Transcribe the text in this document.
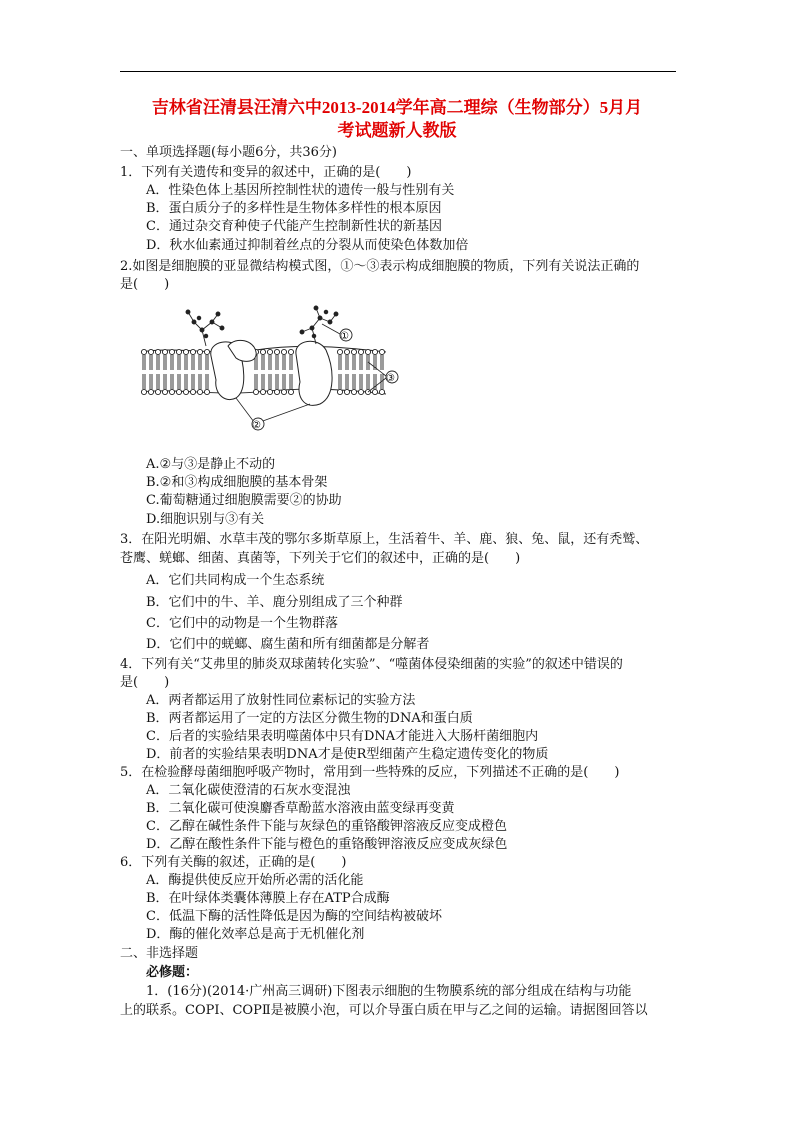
吉林省汪清县汪清六中2013-2014学年高二理综（生物部分）5月月
考试题新人教版
一、单项选择题(每小题6分，共36分)
1．下列有关遗传和变异的叙述中，正确的是(　　)
A．性染色体上基因所控制性状的遗传一般与性别有关
B．蛋白质分子的多样性是生物体多样性的根本原因
C．通过杂交育种使子代能产生控制新性状的新基因
D．秋水仙素通过抑制着丝点的分裂从而使染色体数加倍
2.如图是细胞膜的亚显微结构模式图，①～③表示构成细胞膜的物质，下列有关说法正确的
是(　　)
①
③
②
A.②与③是静止不动的
B.②和③构成细胞膜的基本骨架
C.葡萄糖通过细胞膜需要②的协助
D.细胞识别与③有关
3．在阳光明媚、水草丰茂的鄂尔多斯草原上，生活着牛、羊、鹿、狼、兔、鼠，还有秃鹫、
苍鹰、蜣螂、细菌、真菌等，下列关于它们的叙述中，正确的是(　　)
A．它们共同构成一个生态系统
B．它们中的牛、羊、鹿分别组成了三个种群
C．它们中的动物是一个生物群落
D．它们中的蜣螂、腐生菌和所有细菌都是分解者
4．下列有关“艾弗里的肺炎双球菌转化实验”、“噬菌体侵染细菌的实验”的叙述中错误的
是(　　)
A．两者都运用了放射性同位素标记的实验方法
B．两者都运用了一定的方法区分微生物的DNA和蛋白质
C．后者的实验结果表明噬菌体中只有DNA才能进入大肠杆菌细胞内
D．前者的实验结果表明DNA才是使R型细菌产生稳定遗传变化的物质
5．在检验酵母菌细胞呼吸产物时，常用到一些特殊的反应，下列描述不正确的是(　　)
A．二氧化碳使澄清的石灰水变混浊
B．二氧化碳可使溴麝香草酚蓝水溶液由蓝变绿再变黄
C．乙醇在碱性条件下能与灰绿色的重铬酸钾溶液反应变成橙色
D．乙醇在酸性条件下能与橙色的重铬酸钾溶液反应变成灰绿色
6．下列有关酶的叙述，正确的是(　　)
A．酶提供使反应开始所必需的活化能
B．在叶绿体类囊体薄膜上存在ATP合成酶
C．低温下酶的活性降低是因为酶的空间结构被破坏
D．酶的催化效率总是高于无机催化剂
二、非选择题
必修题：
1．(16分)(2014·广州高三调研)下图表示细胞的生物膜系统的部分组成在结构与功能
上的联系。COPⅠ、COPⅡ是被膜小泡，可以介导蛋白质在甲与乙之间的运输。请据图回答以
